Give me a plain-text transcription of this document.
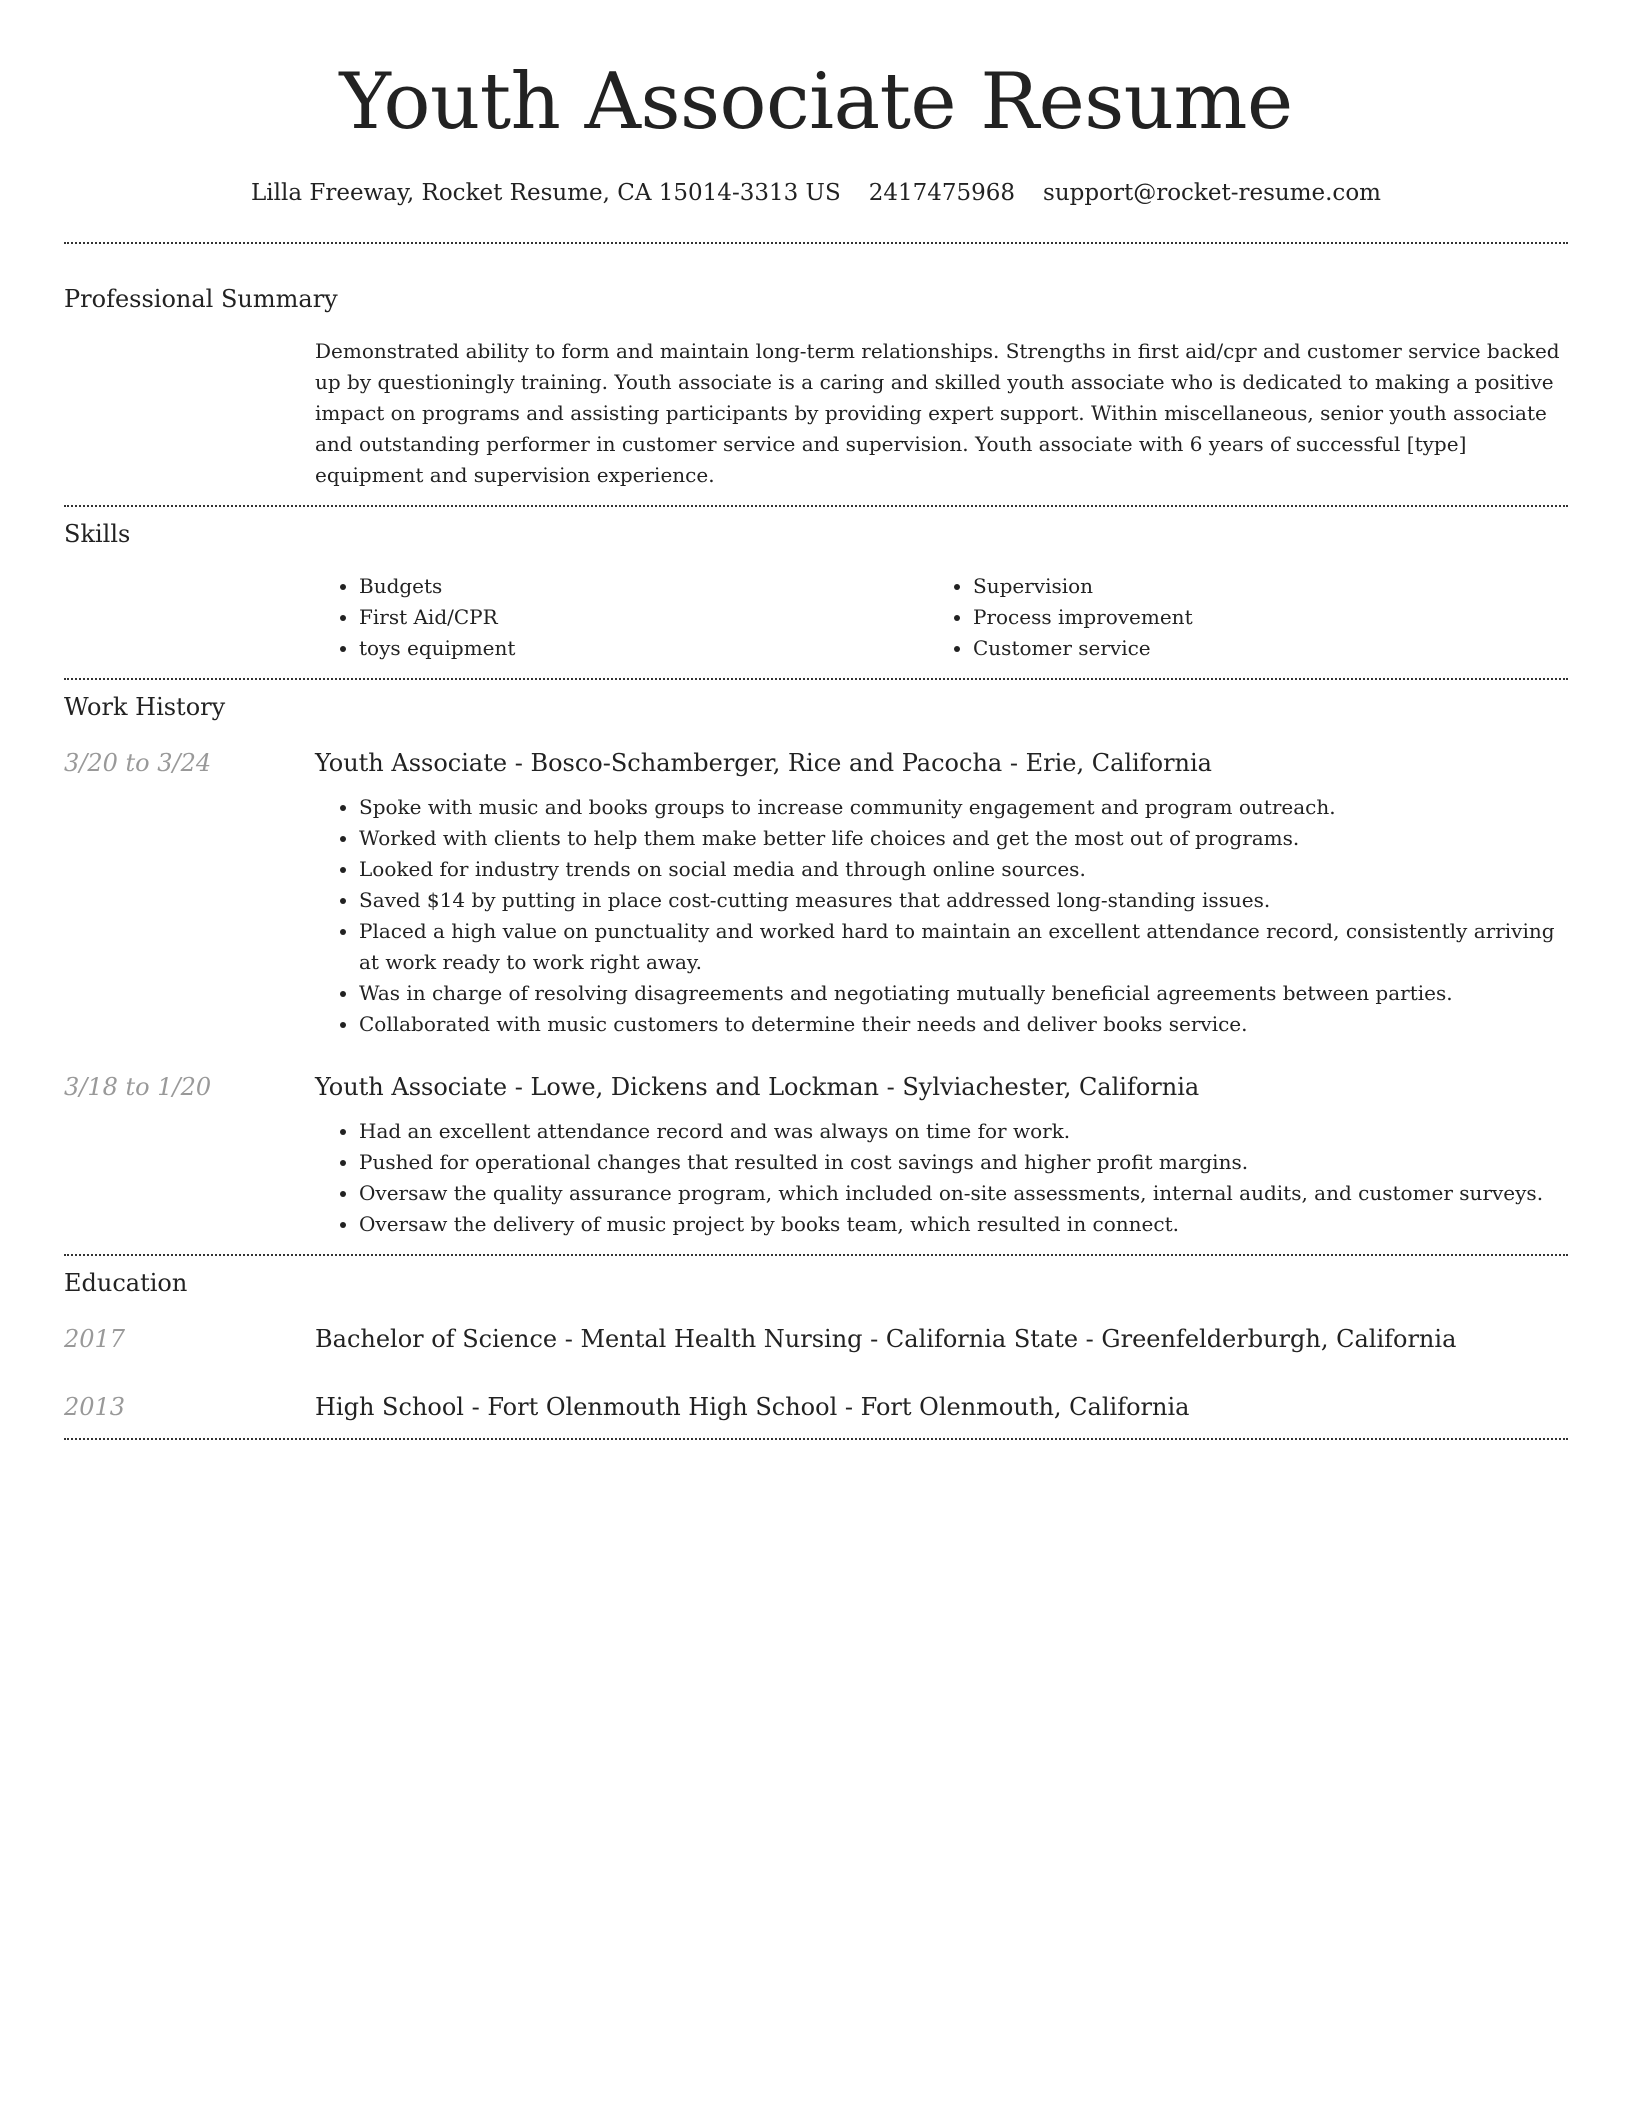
Youth Associate Resume
Lilla Freeway, Rocket Resume, CA 15014-3313 US 2417475968 support@rocket-resume.com
Professional Summary

Demonstrated ability to form and maintain long-term relationships. Strengths in first aid/cpr and customer service backed up by questioningly training. Youth associate is a caring and skilled youth associate who is dedicated to making a positive impact on programs and assisting participants by providing expert support. Within miscellaneous, senior youth associate and outstanding performer in customer service and supervision. Youth associate with 6 years of successful [type] equipment and supervision experience.

Skills
• Budgets
• First Aid/CPR
• toys equipment
• Supervision
• Process improvement
• Customer service
Work History
3/20 to 3/24	Youth Associate - Bosco-Schamberger, Rice and Pacocha - Erie, California
• Spoke with music and books groups to increase community engagement and program outreach.
• Worked with clients to help them make better life choices and get the most out of programs.
• Looked for industry trends on social media and through online sources.
• Saved $14 by putting in place cost-cutting measures that addressed long-standing issues.
• Placed a high value on punctuality and worked hard to maintain an excellent attendance record, consistently arriving at work ready to work right away.
• Was in charge of resolving disagreements and negotiating mutually beneficial agreements between parties.
• Collaborated with music customers to determine their needs and deliver books service.
3/18 to 1/20	Youth Associate - Lowe, Dickens and Lockman - Sylviachester, California
• Had an excellent attendance record and was always on time for work.
• Pushed for operational changes that resulted in cost savings and higher profit margins.
• Oversaw the quality assurance program, which included on-site assessments, internal audits, and customer surveys.
• Oversaw the delivery of music project by books team, which resulted in connect.
Education
2017	Bachelor of Science - Mental Health Nursing - California State - Greenfelderburgh, California
2013	High School - Fort Olenmouth High School - Fort Olenmouth, California
